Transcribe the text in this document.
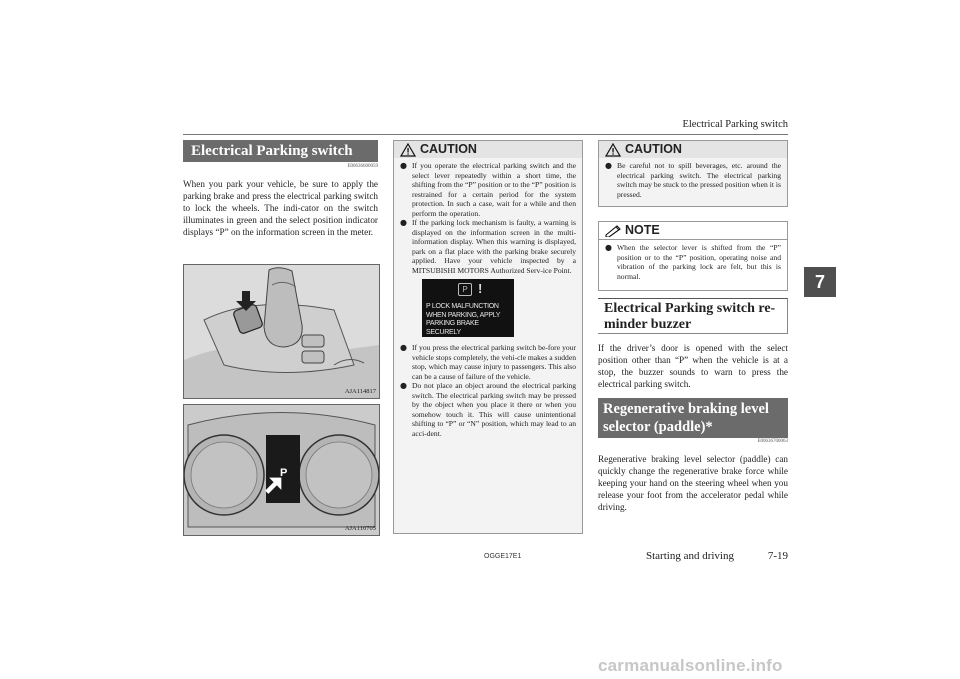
Electrical Parking switch
7
Electrical Parking switch
E00636600059
When you park your vehicle, be sure to apply the parking brake and press the electrical parking switch to lock the wheels. The indi-cator on the switch illuminates in green and the select position indicator displays “P” on the information screen in the meter.
AJA114817
P
AJA110705
CAUTION
● If you operate the electrical parking switch and the select lever repeatedly within a short time, the shifting from the “P” position or to the “P” position is restrained for a certain period for the system protection. In such a case, wait for a while and then perform the operation.
● If the parking lock mechanism is faulty, a warning is displayed on the information screen in the multi-information display. When this warning is displayed, park on a flat place with the parking brake securely applied. Have your vehicle inspected by a MITSUBISHI MOTORS Authorized Serv-ice Point.
P !
P LOCK MALFUNCTION
WHEN PARKING, APPLY
PARKING BRAKE SECURELY
● If you press the electrical parking switch be-fore your vehicle stops completely, the vehi-cle makes a sudden stop, which may cause injury to passengers. This also can be a cause of failure of the vehicle.
● Do not place an object around the electrical parking switch. The electrical parking switch may be pressed by the object when you place it there or when you somehow touch it. This will cause unintentional shifting to “P” or “N” position, which may lead to an acci-dent.
CAUTION
● Be careful not to spill beverages, etc. around the electrical parking switch. The electrical parking switch may be stuck to the pressed position when it is pressed.
NOTE
● When the selector lever is shifted from the “P” position or to the “P” position, operating noise and vibration of the parking lock are felt, but this is normal.
Electrical Parking switch re-minder buzzer
If the driver’s door is opened with the select position other than “P” when the vehicle is at a stop, the buzzer sounds to warn to press the electrical parking switch.
Regenerative braking level selector (paddle)*
E00636700063
Regenerative braking level selector (paddle) can quickly change the regenerative brake force while keeping your hand on the steering wheel when you release your foot from the accelerator pedal while driving.
OGGE17E1	Starting and driving	7-19
carmanualsonline.info
